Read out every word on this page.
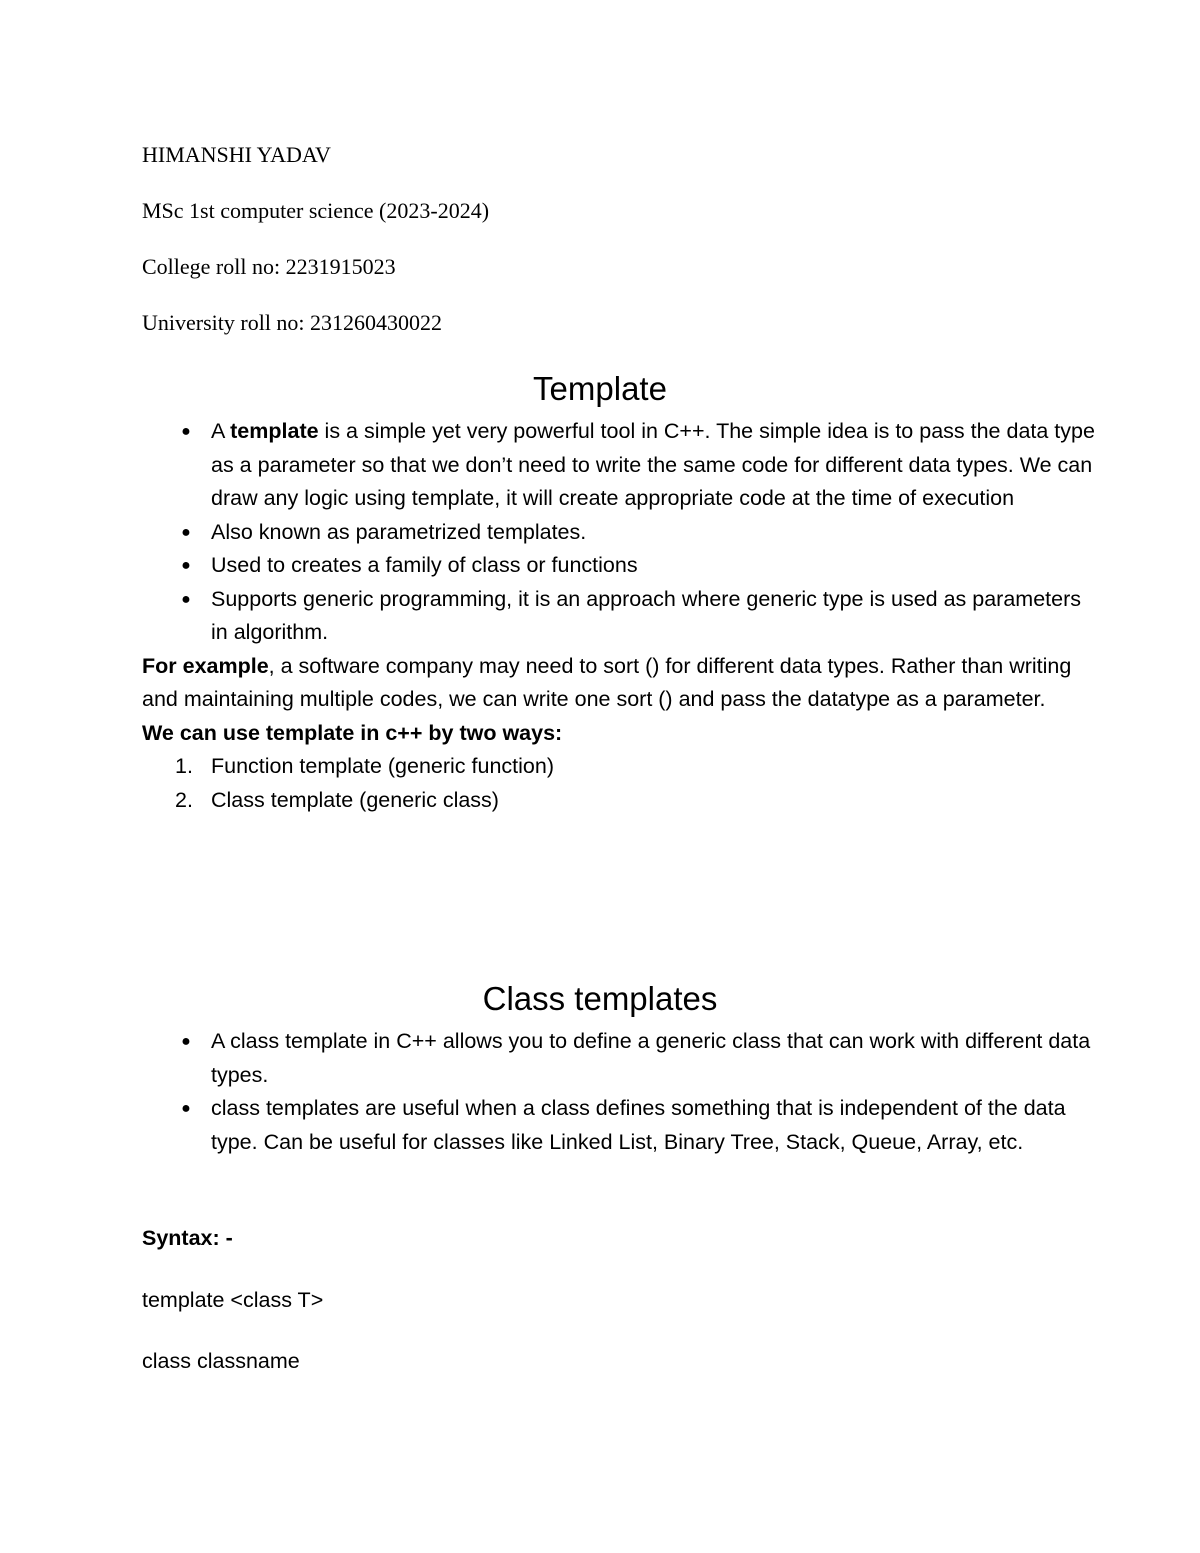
HIMANSHI YADAV
MSc 1st computer science (2023-2024)
College roll no: 2231915023
University roll no: 231260430022
Template
● A template is a simple yet very powerful tool in C++. The simple idea is to pass the data type as a parameter so that we don’t need to write the same code for different data types. We can draw any logic using template, it will create appropriate code at the time of execution
● Also known as parametrized templates.
● Used to creates a family of class or functions
● Supports generic programming, it is an approach where generic type is used as parameters in algorithm.
For example, a software company may need to sort () for different data types. Rather than writing and maintaining multiple codes, we can write one sort () and pass the datatype as a parameter.
We can use template in c++ by two ways:
1. Function template (generic function)
2. Class template (generic class)
Class templates
● A class template in C++ allows you to define a generic class that can work with different data types.
● class templates are useful when a class defines something that is independent of the data type. Can be useful for classes like Linked List, Binary Tree, Stack, Queue, Array, etc.
Syntax: -
template <class T>
class classname
